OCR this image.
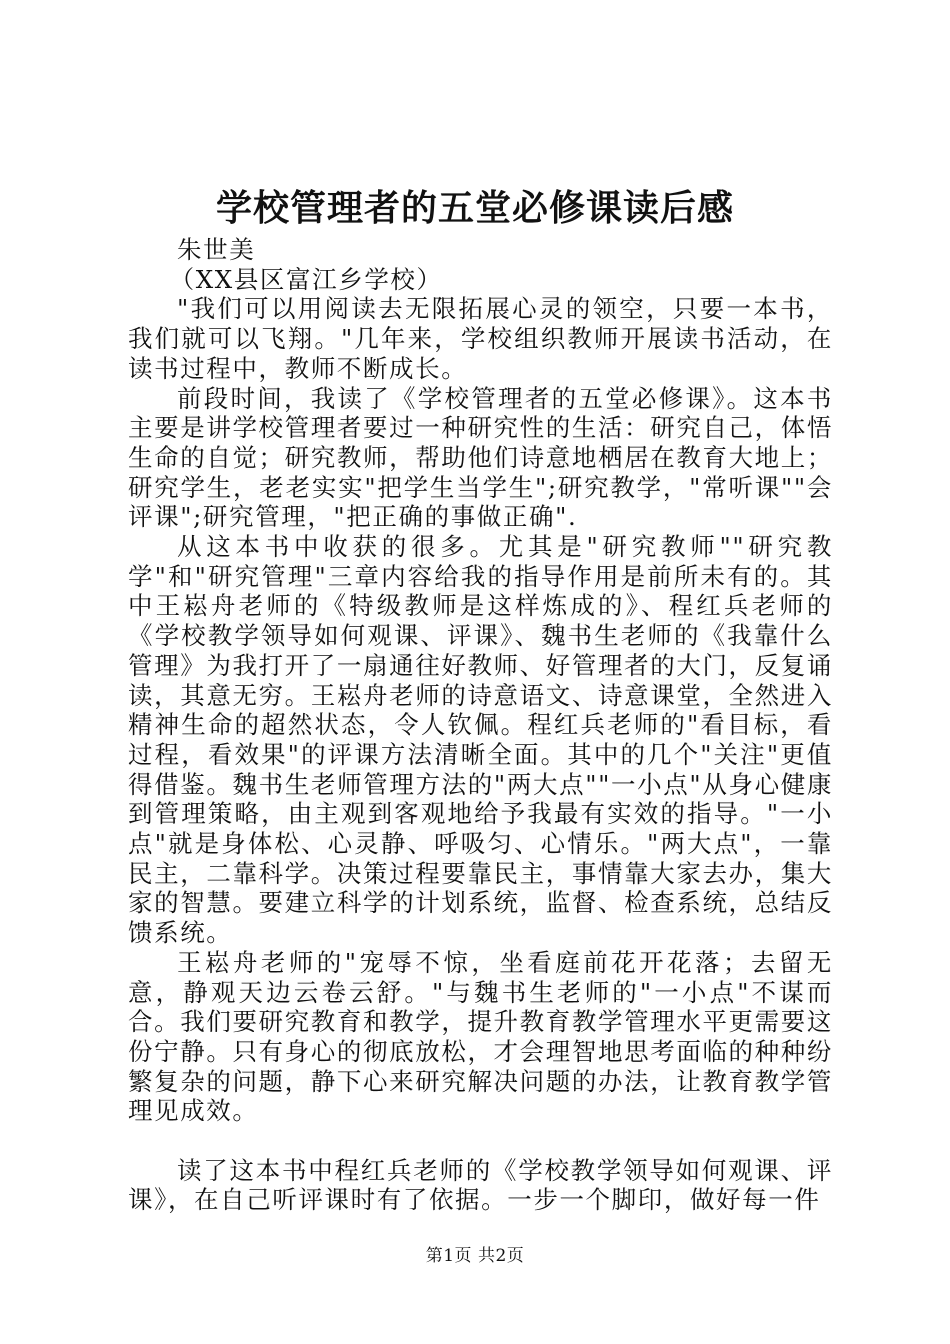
学校管理者的五堂必修课读后感

朱世美

（XX县区富江乡学校）

"我们可以用阅读去无限拓展心灵的领空，只要一本书，我们就可以飞翔。"几年来，学校组织教师开展读书活动，在读书过程中，教师不断成长。

前段时间，我读了《学校管理者的五堂必修课》。这本书主要是讲学校管理者要过一种研究性的生活：研究自己，体悟生命的自觉；研究教师，帮助他们诗意地栖居在教育大地上；研究学生，老老实实"把学生当学生";研究教学，"常听课""会评课";研究管理，"把正确的事做正确".

从这本书中收获的很多。尤其是"研究教师""研究教学"和"研究管理"三章内容给我的指导作用是前所未有的。其中王崧舟老师的《特级教师是这样炼成的》、程红兵老师的《学校教学领导如何观课、评课》、魏书生老师的《我靠什么管理》为我打开了一扇通往好教师、好管理者的大门，反复诵读，其意无穷。王崧舟老师的诗意语文、诗意课堂，全然进入精神生命的超然状态，令人钦佩。程红兵老师的"看目标，看过程，看效果"的评课方法清晰全面。其中的几个"关注"更值得借鉴。魏书生老师管理方法的"两大点""一小点"从身心健康到管理策略，由主观到客观地给予我最有实效的指导。"一小点"就是身体松、心灵静、呼吸匀、心情乐。"两大点"，一靠民主，二靠科学。决策过程要靠民主，事情靠大家去办，集大家的智慧。要建立科学的计划系统，监督、检查系统，总结反馈系统。

王崧舟老师的"宠辱不惊，坐看庭前花开花落；去留无意，静观天边云卷云舒。"与魏书生老师的"一小点"不谋而合。我们要研究教育和教学，提升教育教学管理水平更需要这份宁静。只有身心的彻底放松，才会理智地思考面临的种种纷繁复杂的问题，静下心来研究解决问题的办法，让教育教学管理见成效。

读了这本书中程红兵老师的《学校教学领导如何观课、评课》，在自己听评课时有了依据。一步一个脚印，做好每一件

第1页 共2页
